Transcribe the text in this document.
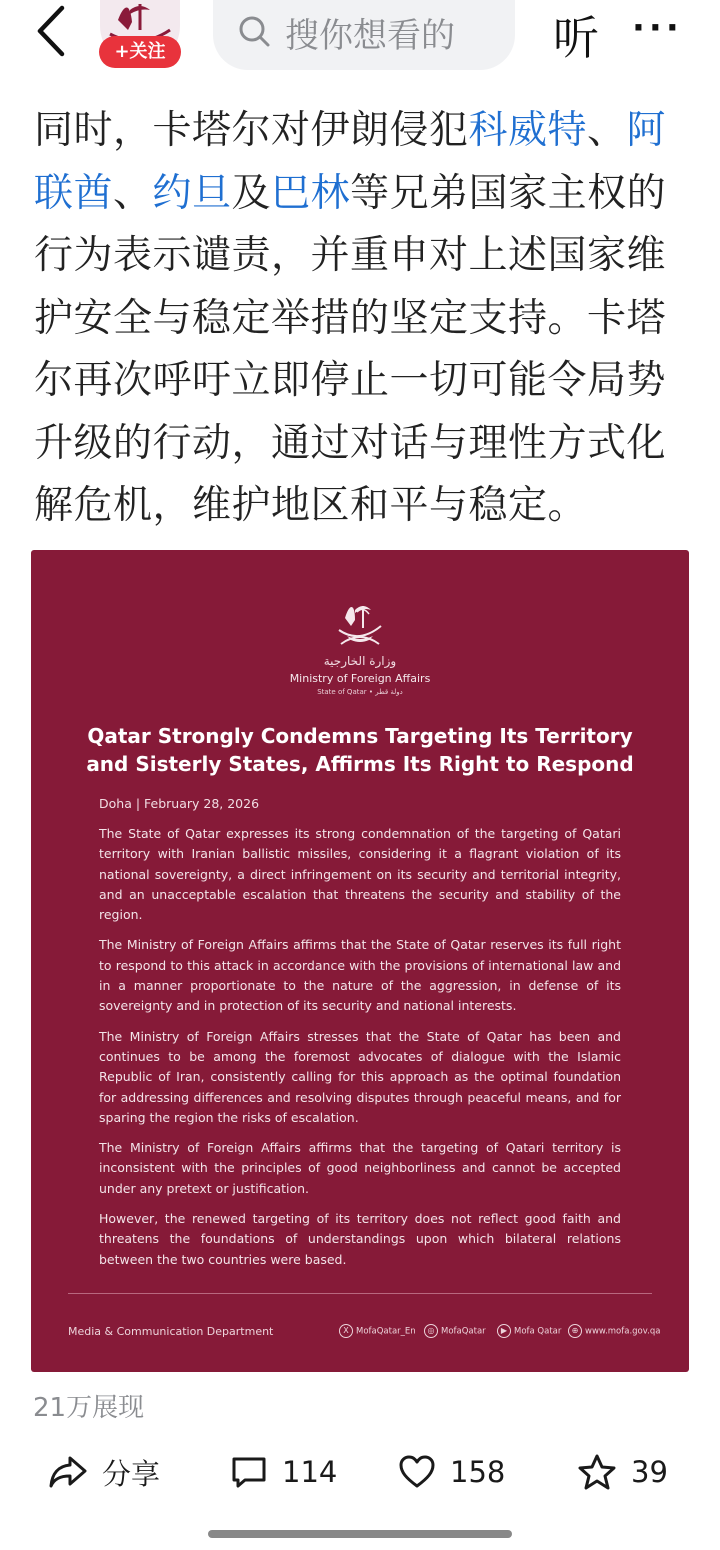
+关注	搜你想看的	听 ···
同时，卡塔尔对伊朗侵犯科威特、阿联酋、约旦及巴林等兄弟国家主权的行为表示谴责，并重申对上述国家维护安全与稳定举措的坚定支持。卡塔尔再次呼吁立即停止一切可能令局势升级的行动，通过对话与理性方式化解危机，维护地区和平与稳定。
وزارة الخارجية
Ministry of Foreign Affairs
State of Qatar • دولة قطر
Qatar Strongly Condemns Targeting Its Territory and Sisterly States, Affirms Its Right to Respond
Doha | February 28, 2026

The State of Qatar expresses its strong condemnation of the targeting of Qatari territory with Iranian ballistic missiles, considering it a flagrant violation of its national sovereignty, a direct infringement on its security and territorial integrity, and an unacceptable escalation that threatens the security and stability of the region.

The Ministry of Foreign Affairs affirms that the State of Qatar reserves its full right to respond to this attack in accordance with the provisions of international law and in a manner proportionate to the nature of the aggression, in defense of its sovereignty and in protection of its security and national interests.

The Ministry of Foreign Affairs stresses that the State of Qatar has been and continues to be among the foremost advocates of dialogue with the Islamic Republic of Iran, consistently calling for this approach as the optimal foundation for addressing differences and resolving disputes through peaceful means, and for sparing the region the risks of escalation.

The Ministry of Foreign Affairs affirms that the targeting of Qatari territory is inconsistent with the principles of good neighborliness and cannot be accepted under any pretext or justification.

However, the renewed targeting of its territory does not reflect good faith and threatens the foundations of understandings upon which bilateral relations between the two countries were based.

Media & Communication Department	X MofaQatar_En	◎ MofaQatar	▶ Mofa Qatar	⊕ www.mofa.gov.qa
21万展现
分享	114	158	39
